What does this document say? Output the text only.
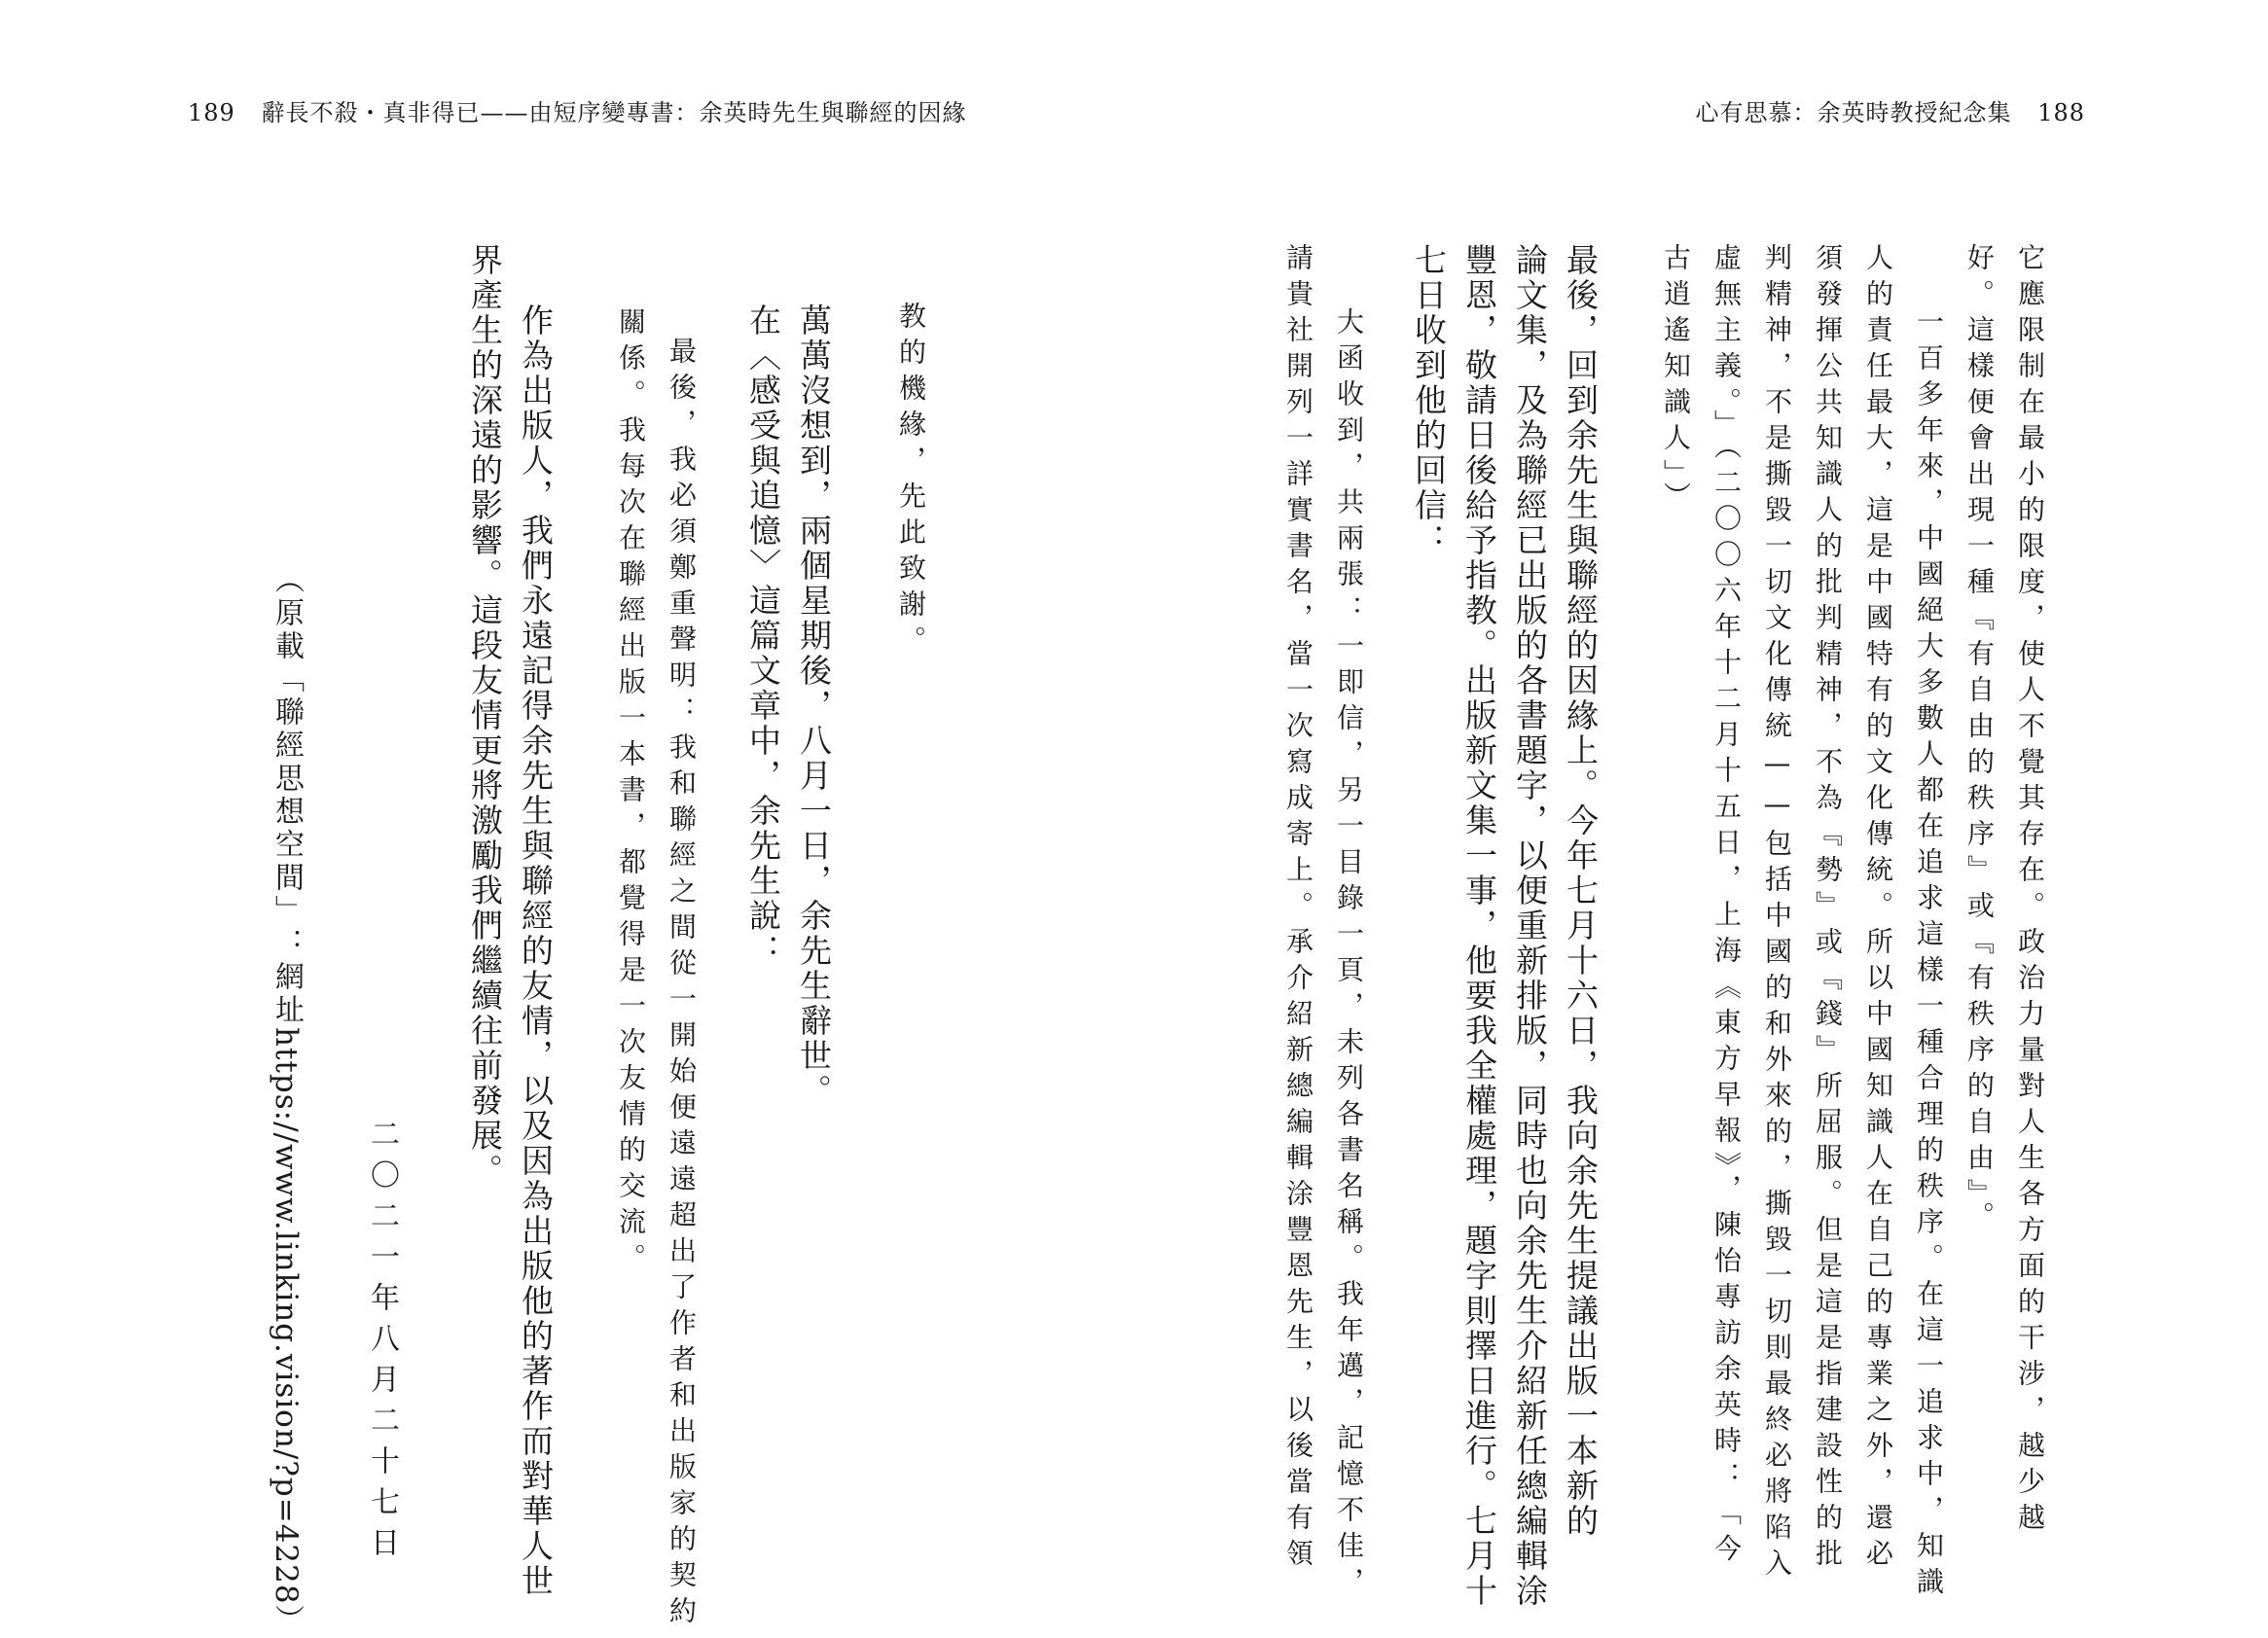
189 辭長不殺・真非得已——由短序變專書：余英時先生與聯經的因緣	心有思慕：余英時教授紀念集 188
它應限制在最小的限度，使人不覺其存在。政治力量對人生各方面的干涉，越少越
好。這樣便會出現一種『有自由的秩序』或『有秩序的自由』。
一百多年來，中國絕大多數人都在追求這樣一種合理的秩序。在這一追求中，知識
人的責任最大，這是中國特有的文化傳統。所以中國知識人在自己的專業之外，還必
須發揮公共知識人的批判精神，不為『勢』或『錢』所屈服。但是這是指建設性的批
判精神，不是撕毀一切文化傳統——包括中國的和外來的，撕毀一切則最終必將陷入
虛無主義。」（二〇〇六年十二月十五日，上海《東方早報》，陳怡專訪余英時：「今
古逍遙知識人」）
最後，回到余先生與聯經的因緣上。今年七月十六日，我向余先生提議出版一本新的
論文集，及為聯經已出版的各書題字，以便重新排版，同時也向余先生介紹新任總編輯涂
豐恩，敬請日後給予指教。出版新文集一事，他要我全權處理，題字則擇日進行。七月十
七日收到他的回信：
大函收到，共兩張：一即信，另一目錄一頁，未列各書名稱。我年邁，記憶不佳，
請貴社開列一詳實書名，當一次寫成寄上。承介紹新總編輯涂豐恩先生，以後當有領
教的機緣，先此致謝。
萬萬沒想到，兩個星期後，八月一日，余先生辭世。
在〈感受與追憶〉這篇文章中，余先生說：
最後，我必須鄭重聲明：我和聯經之間從一開始便遠遠超出了作者和出版家的契約
關係。我每次在聯經出版一本書，都覺得是一次友情的交流。
作為出版人，我們永遠記得余先生與聯經的友情，以及因為出版他的著作而對華人世
界產生的深遠的影響。這段友情更將激勵我們繼續往前發展。
二〇二一年八月二十七日
（原載「聯經思想空間」：網址https://www.linking.vision/?p=4228）
